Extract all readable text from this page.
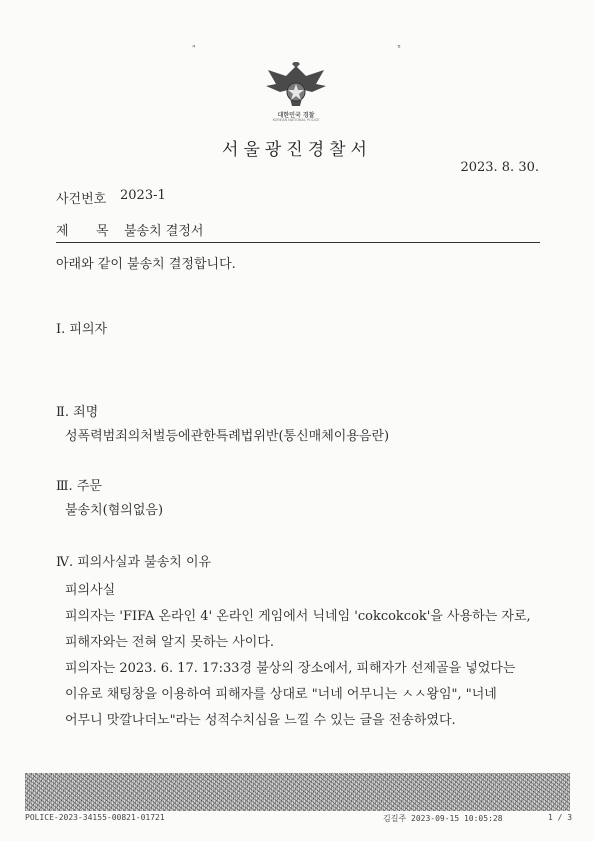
"	°
대한민국 경찰
KOREAN NATIONAL POLICE
서울광진경찰서
2023. 8. 30.
사건번호 2023-1
제 목 불송치 결정서
아래와 같이 불송치 결정합니다.
Ⅰ. 피의자
Ⅱ. 죄명
성폭력범죄의처벌등에관한특례법위반(통신매체이용음란)
Ⅲ. 주문
불송치(혐의없음)
Ⅳ. 피의사실과 불송치 이유
피의사실
피의자는 'FIFA 온라인 4' 온라인 게임에서 닉네임 'cokcokcok'을 사용하는 자로,
피해자와는 전혀 알지 못하는 사이다.
피의자는 2023. 6. 17. 17:33경 불상의 장소에서, 피해자가 선제골을 넣었다는
이유로 채팅창을 이용하여 피해자를 상대로 "너네 어무니는 ㅅㅅ왕임", "너네
어무니 맛깔나더노"라는 성적수치심을 느낄 수 있는 글을 전송하였다.
POLICE-2023-34155-00821-01721	김길주 2023-09-15 10:05:28	1 / 3
